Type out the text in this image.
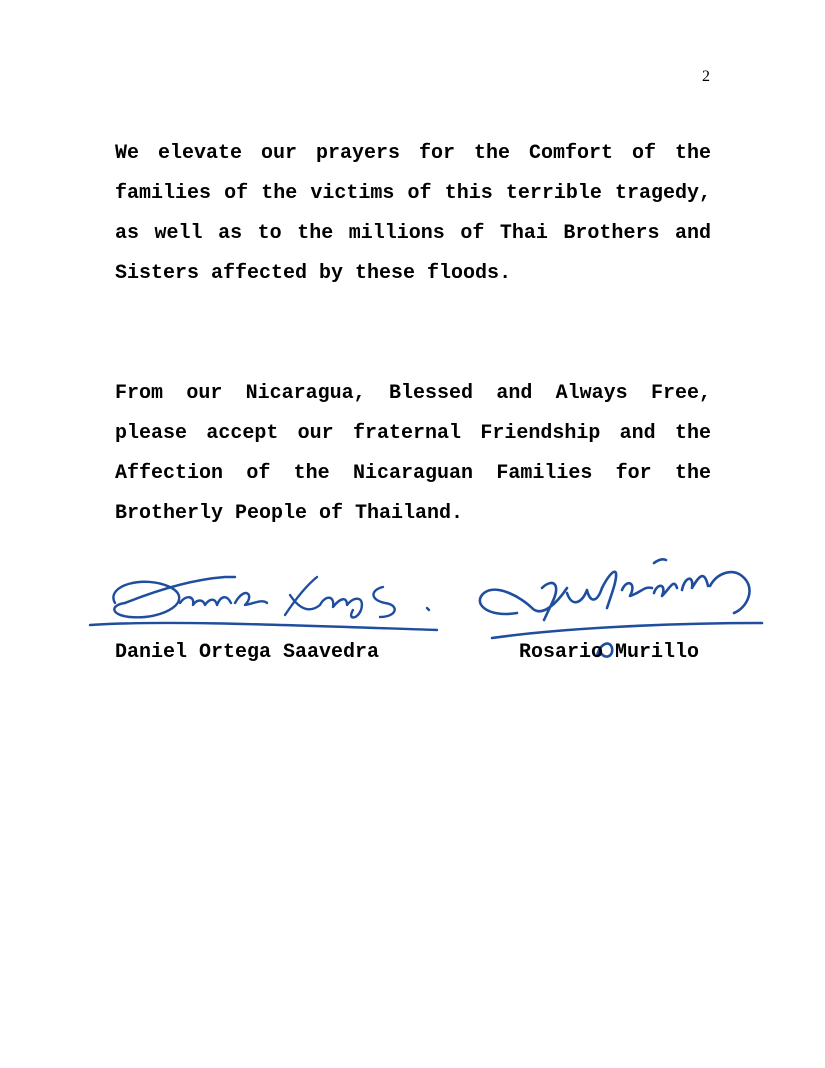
2

We elevate our prayers for the Comfort of the families of the victims of this terrible tragedy, as well as to the millions of Thai Brothers and Sisters affected by these floods.

From our Nicaragua, Blessed and Always Free, please accept our fraternal Friendship and the Affection of the Nicaraguan Families for the Brotherly People of Thailand.

Daniel Ortega Saavedra	Rosario Murillo
